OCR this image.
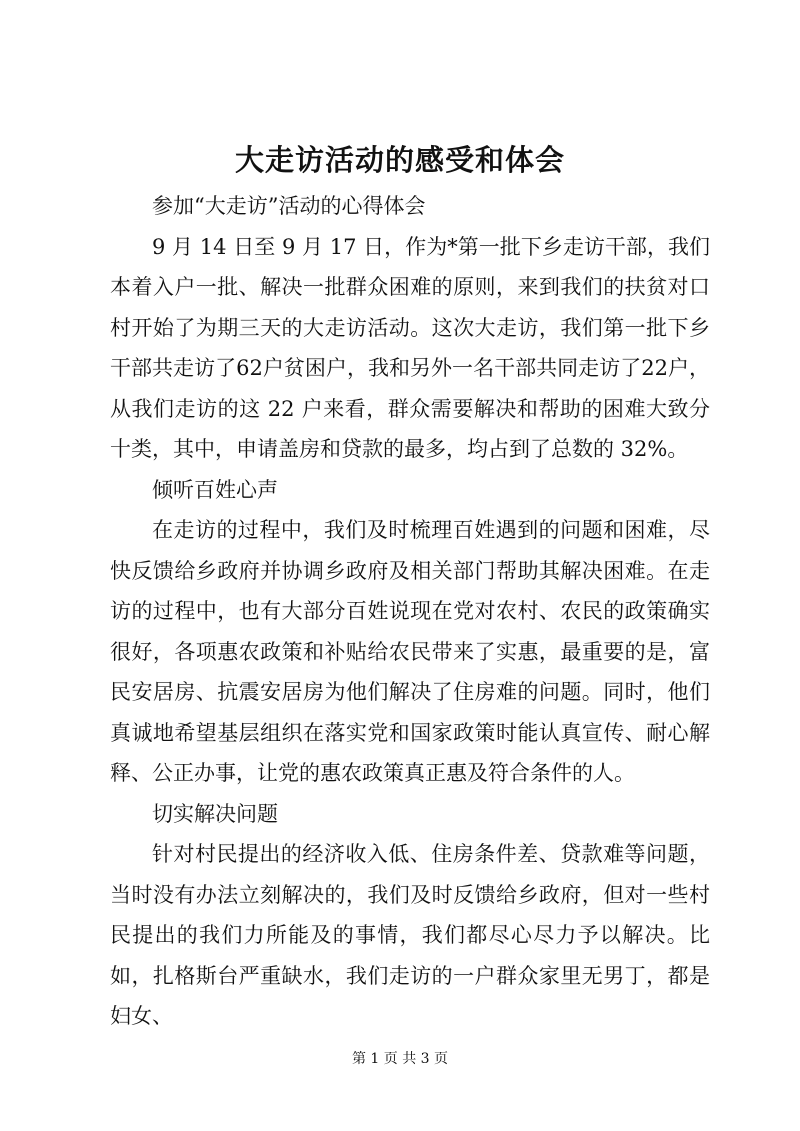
大走访活动的感受和体会

参加“大走访”活动的心得体会

9 月 14 日至 9 月 17 日，作为*第一批下乡走访干部，我们本着入户一批、解决一批群众困难的原则，来到我们的扶贫对口村开始了为期三天的大走访活动。这次大走访，我们第一批下乡干部共走访了62户贫困户，我和另外一名干部共同走访了22户，从我们走访的这 22 户来看，群众需要解决和帮助的困难大致分十类，其中，申请盖房和贷款的最多，均占到了总数的 32%。

倾听百姓心声

在走访的过程中，我们及时梳理百姓遇到的问题和困难，尽快反馈给乡政府并协调乡政府及相关部门帮助其解决困难。在走访的过程中，也有大部分百姓说现在党对农村、农民的政策确实很好，各项惠农政策和补贴给农民带来了实惠，最重要的是，富民安居房、抗震安居房为他们解决了住房难的问题。同时，他们真诚地希望基层组织在落实党和国家政策时能认真宣传、耐心解释、公正办事，让党的惠农政策真正惠及符合条件的人。

切实解决问题

针对村民提出的经济收入低、住房条件差、贷款难等问题，当时没有办法立刻解决的，我们及时反馈给乡政府，但对一些村民提出的我们力所能及的事情，我们都尽心尽力予以解决。比如，扎格斯台严重缺水，我们走访的一户群众家里无男丁，都是妇女、

第 1 页 共 3 页
